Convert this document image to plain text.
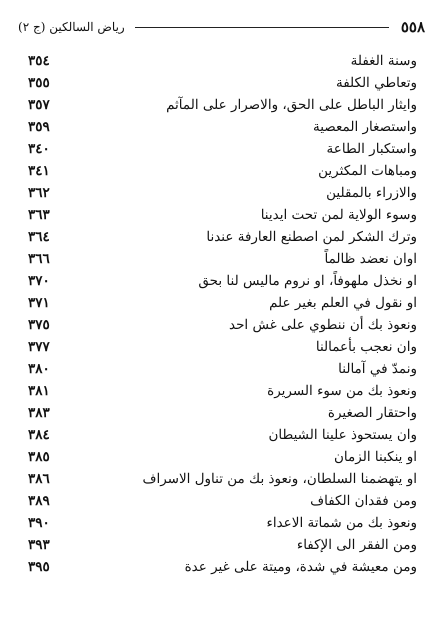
٥٥٨
رياض السالكين (ج ٢)
وسنة الغفلة
٣٥٤
وتعاطي الكلفة
٣٥٥
وايثار الباطل على الحق، والاصرار على المآثم
٣٥٧
واستصغار المعصية
٣٥٩
واستكبار الطاعة
٣٤٠
ومباهات المكثرين
٣٤١
والازراء بالمقلين
٣٦٢
وسوء الولاية لمن تحت ايدينا
٣٦٣
وترك الشكر لمن اصطنع العارفة عندنا
٣٦٤
اوان نعضد ظالماً
٣٦٦
او نخذل ملهوفاً، او نروم ماليس لنا بحق
٣٧٠
او نقول في العلم بغير علم
٣٧١
ونعوذ بك أن ننطوي على غش احد
٣٧٥
وان نعجب بأعمالنا
٣٧٧
ونمدّ في آمالنا
٣٨٠
ونعوذ بك من سوء السريرة
٣٨١
واحتقار الصغيرة
٣٨٣
وان يستحوذ علينا الشيطان
٣٨٤
او ينكبنا الزمان
٣٨٥
او يتهضمنا السلطان، ونعوذ بك من تناول الاسراف
٣٨٦
ومن فقدان الكفاف
٣٨٩
ونعوذ بك من شماتة الاعداء
٣٩٠
ومن الفقر الى الإكفاء
٣٩٣
ومن معيشة في شدة، وميتة على غير عدة
٣٩٥
